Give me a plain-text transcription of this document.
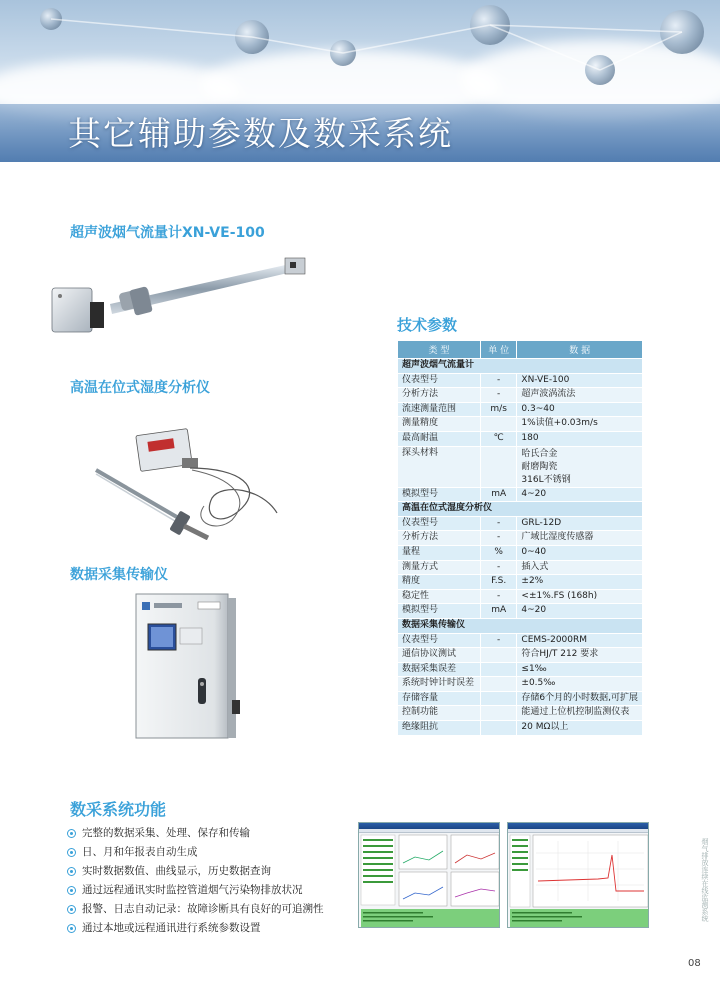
其它辅助参数及数采系统
超声波烟气流量计XN-VE-100
高温在位式湿度分析仪
数据采集传输仪
技术参数
类 型	单 位	数 据
超声波烟气流量计		
仪表型号	-	XN-VE-100
分析方法	-	超声波涡流法
流速测量范围	m/s	0.3~40
测量精度		1%读值+0.03m/s
最高耐温	℃	180
探头材料		哈氏合金
耐磨陶瓷
316L不锈钢

模拟型号	mA	4~20
高温在位式湿度分析仪		
仪表型号	-	GRL-12D
分析方法	-	广域比湿度传感器
量程	%	0~40
测量方式	-	插入式
精度	F.S.	±2%
稳定性	-	<±1%.FS (168h)
模拟型号	mA	4~20
数据采集传输仪		
仪表型号	-	CEMS-2000RM
通信协议测试		符合HJ/T 212 要求
数据采集误差		≤1‰
系统时钟计时误差		±0.5‰
存储容量		存储6个月的小时数据,可扩展
控制功能		能通过上位机控制监测仪表
绝缘阻抗		20 MΩ以上
数采系统功能
完整的数据采集、处理、保存和传输
日、月和年报表自动生成
实时数据数值、曲线显示，历史数据查询
通过远程通讯实时监控管道烟气污染物排放状况
报警、日志自动记录：故障诊断具有良好的可追溯性
通过本地或远程通讯进行系统参数设置
烟气排放连续在线监测系统
08
